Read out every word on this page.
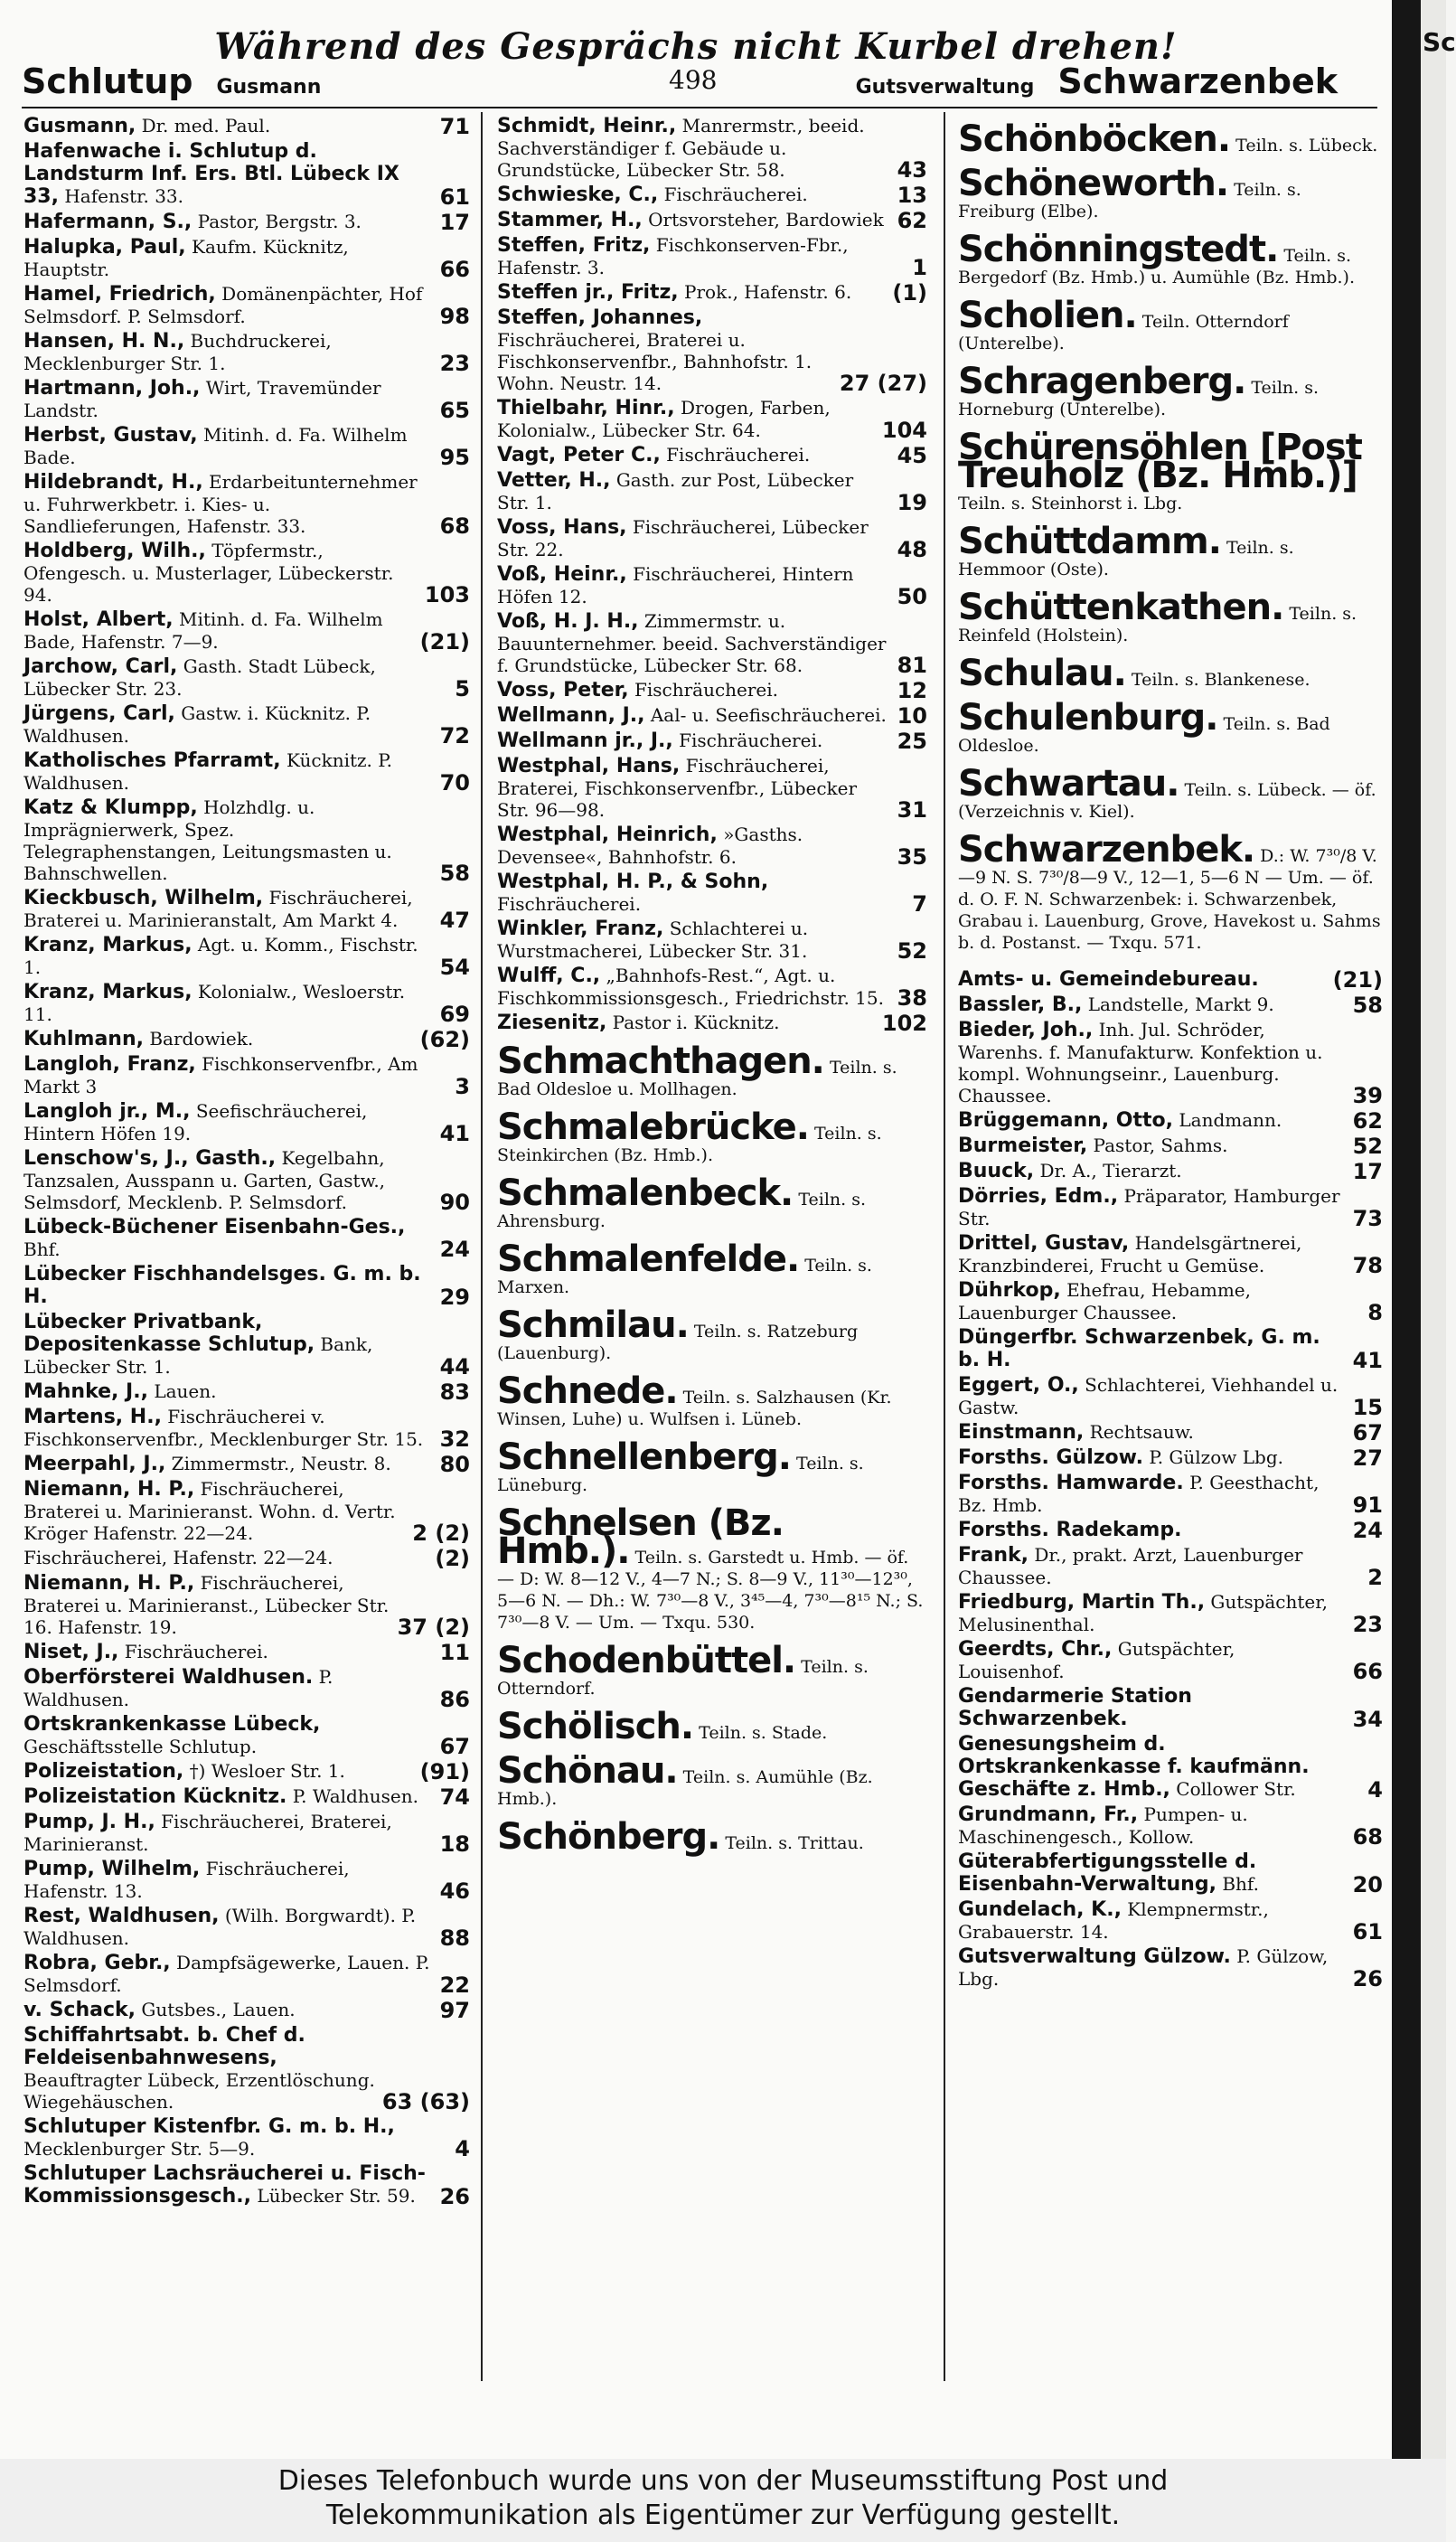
Während des Gesprächs nicht Kurbel drehen!
Schlutup Gusmann	498	Gutsverwaltung Schwarzenbek
Gusmann, Dr. med. Paul.	71
Hafenwache i. Schlutup d. Landsturm Inf. Ers. Btl. Lübeck IX 33, Hafenstr. 33.	61
Hafermann, S., Pastor, Bergstr. 3.	17
Halupka, Paul, Kaufm. Kücknitz, Hauptstr.	66
Hamel, Friedrich, Domänenpächter, Hof Selmsdorf. P. Selmsdorf.	98
Hansen, H. N., Buchdruckerei, Mecklenburger Str. 1.	23
Hartmann, Joh., Wirt, Travemünder Landstr.	65
Herbst, Gustav, Mitinh. d. Fa. Wilhelm Bade.	95
Hildebrandt, H., Erdarbeitunternehmer u. Fuhrwerkbetr. i. Kies- u. Sandlieferungen, Hafenstr. 33.	68
Holdberg, Wilh., Töpfermstr., Ofengesch. u. Musterlager, Lübeckerstr. 94.	103
Holst, Albert, Mitinh. d. Fa. Wilhelm Bade, Hafenstr. 7—9.	(21)
Jarchow, Carl, Gasth. Stadt Lübeck, Lübecker Str. 23.	5
Jürgens, Carl, Gastw. i. Kücknitz. P. Waldhusen.	72
Katholisches Pfarramt, Kücknitz. P. Waldhusen.	70
Katz & Klumpp, Holzhdlg. u. Imprägnierwerk, Spez. Telegraphenstangen, Leitungsmasten u. Bahnschwellen.	58
Kieckbusch, Wilhelm, Fischräucherei, Braterei u. Marinieranstalt, Am Markt 4.	47
Kranz, Markus, Agt. u. Komm., Fischstr. 1.	54
Kranz, Markus, Kolonialw., Wesloerstr. 11.	69
Kuhlmann, Bardowiek.	(62)
Langloh, Franz, Fischkonservenfbr., Am Markt 3	3
Langloh jr., M., Seefischräucherei, Hintern Höfen 19.	41
Lenschow's, J., Gasth., Kegelbahn, Tanzsalen, Ausspann u. Garten, Gastw., Selmsdorf, Mecklenb. P. Selmsdorf.	90
Lübeck-Büchener Eisenbahn-Ges., Bhf.	24
Lübecker Fischhandelsges. G. m. b. H.	29
Lübecker Privatbank, Depositenkasse Schlutup, Bank, Lübecker Str. 1.	44
Mahnke, J., Lauen.	83
Martens, H., Fischräucherei v. Fischkonservenfbr., Mecklenburger Str. 15. 32
Meerpahl, J., Zimmermstr., Neustr. 8.	80
Niemann, H. P., Fischräucherei, Braterei u. Marinieranst. Wohn. d. Vertr. Kröger Hafenstr. 22—24.	2 (2)
Fischräucherei, Hafenstr. 22—24.	(2)
Niemann, H. P., Fischräucherei, Braterei u. Marinieranst., Lübecker Str. 16. Hafenstr. 19.	37 (2)
Niset, J., Fischräucherei.	11
Oberförsterei Waldhusen. P. Waldhusen.	86
Ortskrankenkasse Lübeck, Geschäftsstelle Schlutup.	67
Polizeistation, †) Wesloer Str. 1.	(91)
Polizeistation Kücknitz. P. Waldhusen. 74
Pump, J. H., Fischräucherei, Braterei, Marinieranst.	18
Pump, Wilhelm, Fischräucherei, Hafenstr. 13.	46
Rest, Waldhusen, (Wilh. Borgwardt). P. Waldhusen.	88
Robra, Gebr., Dampfsägewerke, Lauen. P. Selmsdorf.	22
v. Schack, Gutsbes., Lauen.	97
Schiffahrtsabt. b. Chef d. Feldeisenbahnwesens, Beauftragter Lübeck, Erzentlöschung. Wiegehäuschen.	63 (63)
Schlutuper Kistenfbr. G. m. b. H., Mecklenburger Str. 5—9.	4
Schlutuper Lachsräucherei u. Fisch-Kommissionsgesch., Lübecker Str. 59.	26
Schmidt, Heinr., Manrermstr., beeid. Sachverständiger f. Gebäude u. Grundstücke, Lübecker Str. 58.	43
Schwieske, C., Fischräucherei.	13
Stammer, H., Ortsvorsteher, Bardowiek 62
Steffen, Fritz, Fischkonserven-Fbr., Hafenstr. 3.	1
Steffen jr., Fritz, Prok., Hafenstr. 6.	(1)
Steffen, Johannes, Fischräucherei, Braterei u. Fischkonservenfbr., Bahnhofstr. 1. Wohn. Neustr. 14.	27 (27)
Thielbahr, Hinr., Drogen, Farben, Kolonialw., Lübecker Str. 64.	104
Vagt, Peter C., Fischräucherei.	45
Vetter, H., Gasth. zur Post, Lübecker Str. 1.	19
Voss, Hans, Fischräucherei, Lübecker Str. 22.	48
Voß, Heinr., Fischräucherei, Hintern Höfen 12.	50
Voß, H. J. H., Zimmermstr. u. Bauunternehmer. beeid. Sachverständiger f. Grundstücke, Lübecker Str. 68.	81
Voss, Peter, Fischräucherei.	12
Wellmann, J., Aal- u. Seefischräucherei. 10
Wellmann jr., J., Fischräucherei.	25
Westphal, Hans, Fischräucherei, Braterei, Fischkonservenfbr., Lübecker Str. 96—98.	31
Westphal, Heinrich, »Gasths. Devensee«, Bahnhofstr. 6.	35
Westphal, H. P., & Sohn, Fischräucherei.	7
Winkler, Franz, Schlachterei u. Wurstmacherei, Lübecker Str. 31.	52
Wulff, C., „Bahnhofs-Rest.“, Agt. u. Fischkommissionsgesch., Friedrichstr. 15. 38
Ziesenitz, Pastor i. Kücknitz.	102
Schmachthagen. Teiln. s. Bad Oldesloe u. Mollhagen.
Schmalebrücke. Teiln. s. Steinkirchen (Bz. Hmb.).
Schmalenbeck. Teiln. s. Ahrensburg.
Schmalenfelde. Teiln. s. Marxen.
Schmilau. Teiln. s. Ratzeburg (Lauenburg).
Schnede. Teiln. s. Salzhausen (Kr. Winsen, Luhe) u. Wulfsen i. Lüneb.
Schnellenberg. Teiln. s. Lüneburg.
Schnelsen (Bz. Hmb.). Teiln. s. Garstedt u. Hmb. — öf. — D: W. 8—12 V., 4—7 N.; S. 8—9 V., 11³⁰—12³⁰, 5—6 N. — Dh.: W. 7³⁰—8 V., 3⁴⁵—4, 7³⁰—8¹⁵ N.; S. 7³⁰—8 V. — Um. — Txqu. 530.
Schodenbüttel. Teiln. s. Otterndorf.
Schölisch. Teiln. s. Stade.
Schönau. Teiln. s. Aumühle (Bz. Hmb.).
Schönberg. Teiln. s. Trittau.
Schönböcken. Teiln. s. Lübeck.
Schöneworth. Teiln. s. Freiburg (Elbe).
Schönningstedt. Teiln. s. Bergedorf (Bz. Hmb.) u. Aumühle (Bz. Hmb.).
Scholien. Teiln. Otterndorf (Unterelbe).
Schragenberg. Teiln. s. Horneburg (Unterelbe).
Schürensöhlen [Post Treuholz (Bz. Hmb.)] Teiln. s. Steinhorst i. Lbg.
Schüttdamm. Teiln. s. Hemmoor (Oste).
Schüttenkathen. Teiln. s. Reinfeld (Holstein).
Schulau. Teiln. s. Blankenese.
Schulenburg. Teiln. s. Bad Oldesloe.
Schwartau. Teiln. s. Lübeck. — öf. (Verzeichnis v. Kiel).
Schwarzenbek. D.: W. 7³⁰/8 V.—9 N. S. 7³⁰/8—9 V., 12—1, 5—6 N — Um. — öf. d. O. F. N. Schwarzenbek: i. Schwarzenbek, Grabau i. Lauenburg, Grove, Havekost u. Sahms b. d. Postanst. — Txqu. 571.
Amts- u. Gemeindebureau.	(21)
Bassler, B., Landstelle, Markt 9.	58
Bieder, Joh., Inh. Jul. Schröder, Warenhs. f. Manufakturw. Konfektion u. kompl. Wohnungseinr., Lauenburg. Chaussee.	39
Brüggemann, Otto, Landmann.	62
Burmeister, Pastor, Sahms.	52
Buuck, Dr. A., Tierarzt.	17
Dörries, Edm., Präparator, Hamburger Str.	73
Drittel, Gustav, Handelsgärtnerei, Kranzbinderei, Frucht u Gemüse.	78
Dührkop, Ehefrau, Hebamme, Lauenburger Chaussee.	8
Düngerfbr. Schwarzenbek, G. m. b. H.	41
Eggert, O., Schlachterei, Viehhandel u. Gastw.	15
Einstmann, Rechtsauw.	67
Forsths. Gülzow. P. Gülzow Lbg.	27
Forsths. Hamwarde. P. Geesthacht, Bz. Hmb.	91
Forsths. Radekamp.	24
Frank, Dr., prakt. Arzt, Lauenburger Chaussee.	2
Friedburg, Martin Th., Gutspächter, Melusinenthal.	23
Geerdts, Chr., Gutspächter, Louisenhof.	66
Gendarmerie Station Schwarzenbek.	34
Genesungsheim d. Ortskrankenkasse f. kaufmänn. Geschäfte z. Hmb., Collower Str.	4
Grundmann, Fr., Pumpen- u. Maschinengesch., Kollow.	68
Güterabfertigungsstelle d. Eisenbahn-Verwaltung, Bhf.	20
Gundelach, K., Klempnermstr., Grabauerstr. 14.	61
Gutsverwaltung Gülzow. P. Gülzow, Lbg.	26
Sc
Dieses Telefonbuch wurde uns von der Museumsstiftung Post und
Telekommunikation als Eigentümer zur Verfügung gestellt.
